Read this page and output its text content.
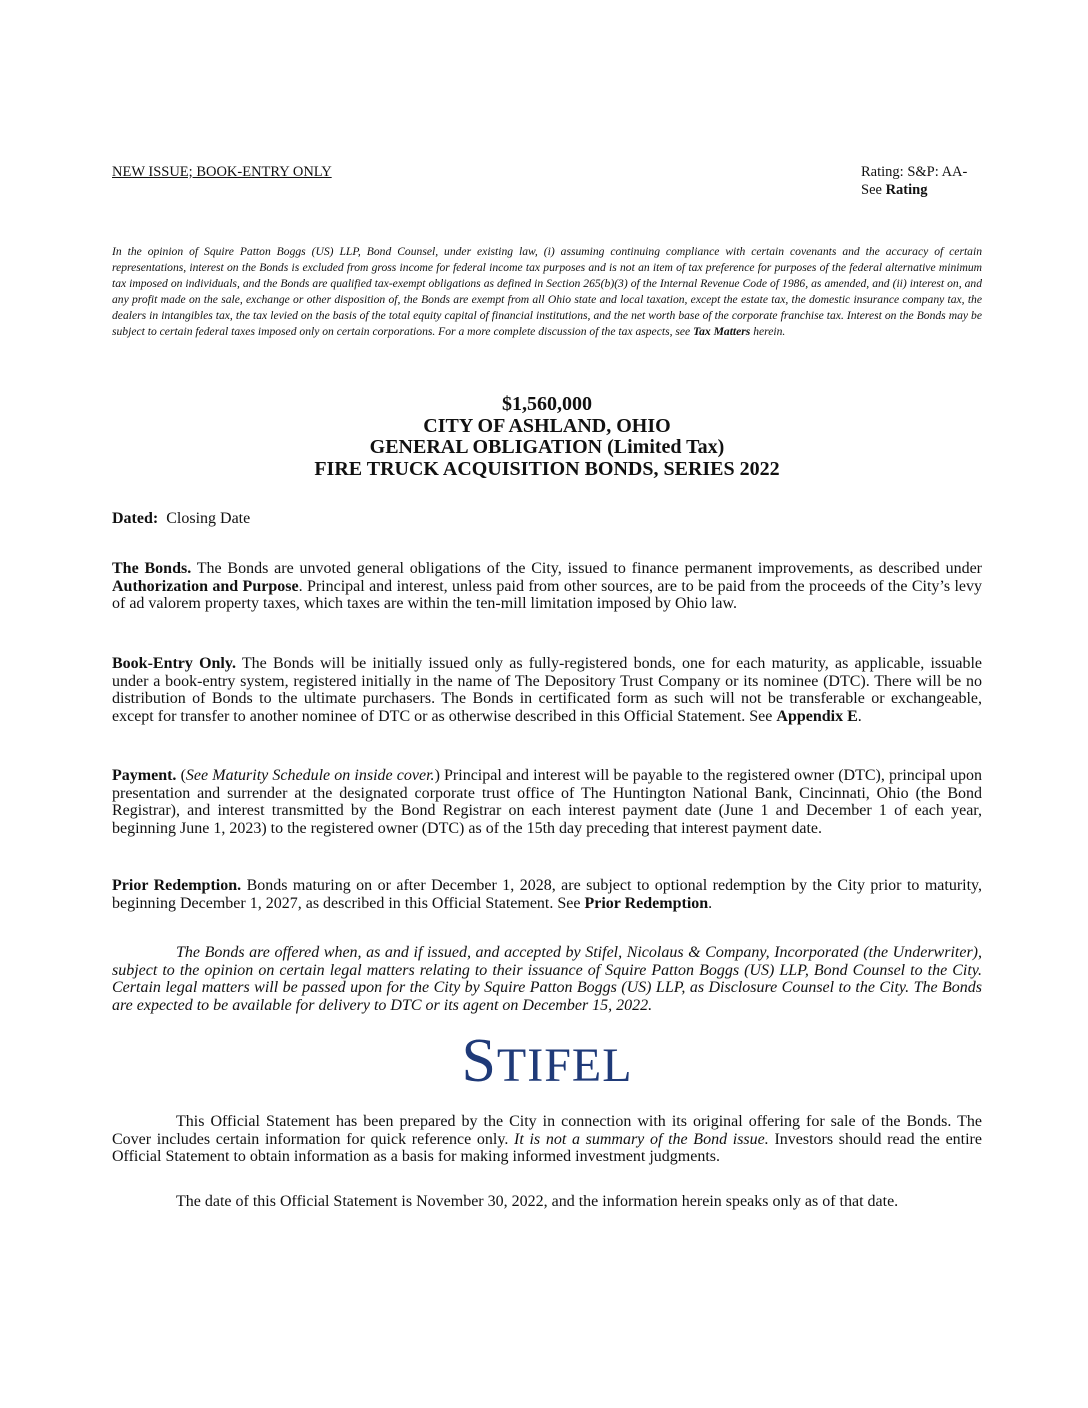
NEW ISSUE; BOOK-ENTRY ONLY	Rating: S&P: AA-
See Rating
In the opinion of Squire Patton Boggs (US) LLP, Bond Counsel, under existing law, (i) assuming continuing compliance with certain covenants and the accuracy of certain representations, interest on the Bonds is excluded from gross income for federal income tax purposes and is not an item of tax preference for purposes of the federal alternative minimum tax imposed on individuals, and the Bonds are qualified tax-exempt obligations as defined in Section 265(b)(3) of the Internal Revenue Code of 1986, as amended, and (ii) interest on, and any profit made on the sale, exchange or other disposition of, the Bonds are exempt from all Ohio state and local taxation, except the estate tax, the domestic insurance company tax, the dealers in intangibles tax, the tax levied on the basis of the total equity capital of financial institutions, and the net worth base of the corporate franchise tax. Interest on the Bonds may be subject to certain federal taxes imposed only on certain corporations. For a more complete discussion of the tax aspects, see Tax Matters herein.
$1,560,000
CITY OF ASHLAND, OHIO
GENERAL OBLIGATION (Limited Tax)
FIRE TRUCK ACQUISITION BONDS, SERIES 2022
Dated:  Closing Date
The Bonds. The Bonds are unvoted general obligations of the City, issued to finance permanent improvements, as described under Authorization and Purpose. Principal and interest, unless paid from other sources, are to be paid from the proceeds of the City’s levy of ad valorem property taxes, which taxes are within the ten-mill limitation imposed by Ohio law.
Book-Entry Only. The Bonds will be initially issued only as fully-registered bonds, one for each maturity, as applicable, issuable under a book-entry system, registered initially in the name of The Depository Trust Company or its nominee (DTC). There will be no distribution of Bonds to the ultimate purchasers. The Bonds in certificated form as such will not be transferable or exchangeable, except for transfer to another nominee of DTC or as otherwise described in this Official Statement. See Appendix E.
Payment. (See Maturity Schedule on inside cover.) Principal and interest will be payable to the registered owner (DTC), principal upon presentation and surrender at the designated corporate trust office of The Huntington National Bank, Cincinnati, Ohio (the Bond Registrar), and interest transmitted by the Bond Registrar on each interest payment date (June 1 and December 1 of each year, beginning June 1, 2023) to the registered owner (DTC) as of the 15th day preceding that interest payment date.
Prior Redemption. Bonds maturing on or after December 1, 2028, are subject to optional redemption by the City prior to maturity, beginning December 1, 2027, as described in this Official Statement. See Prior Redemption.
The Bonds are offered when, as and if issued, and accepted by Stifel, Nicolaus & Company, Incorporated (the Underwriter), subject to the opinion on certain legal matters relating to their issuance of Squire Patton Boggs (US) LLP, Bond Counsel to the City. Certain legal matters will be passed upon for the City by Squire Patton Boggs (US) LLP, as Disclosure Counsel to the City. The Bonds are expected to be available for delivery to DTC or its agent on December 15, 2022.
STIFEL
This Official Statement has been prepared by the City in connection with its original offering for sale of the Bonds. The Cover includes certain information for quick reference only. It is not a summary of the Bond issue. Investors should read the entire Official Statement to obtain information as a basis for making informed investment judgments.
The date of this Official Statement is November 30, 2022, and the information herein speaks only as of that date.
